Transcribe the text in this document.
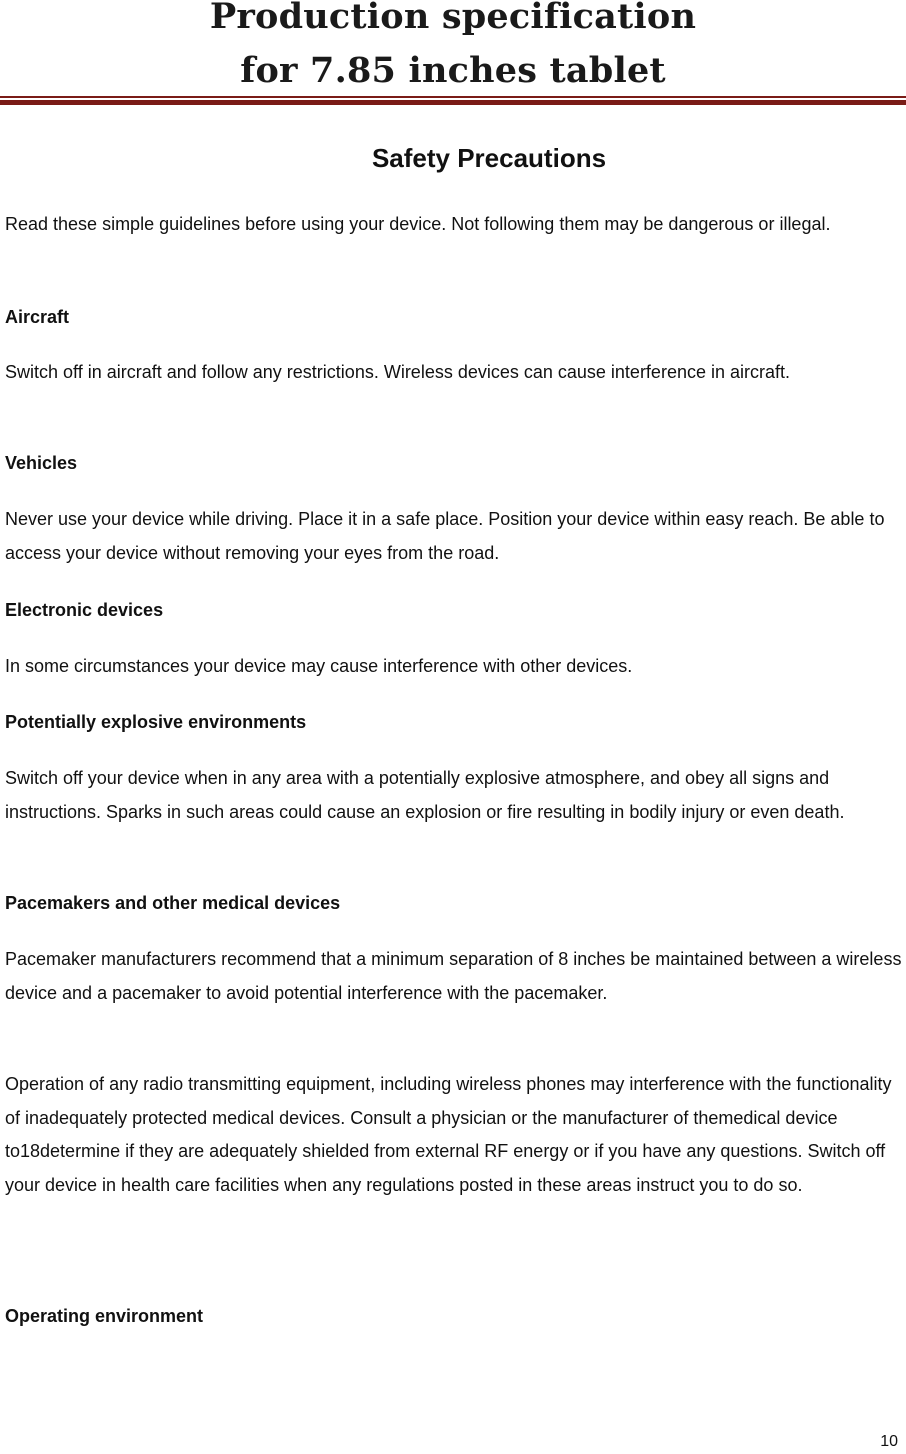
Production specification
for 7.85 inches tablet
Safety Precautions

Read these simple guidelines before using your device. Not following them may be dangerous or illegal.

Aircraft

Switch off in aircraft and follow any restrictions. Wireless devices can cause interference in aircraft.

Vehicles

Never use your device while driving. Place it in a safe place. Position your device within easy reach. Be able to access your device without removing your eyes from the road.

Electronic devices

In some circumstances your device may cause interference with other devices.

Potentially explosive environments

Switch off your device when in any area with a potentially explosive atmosphere, and obey all signs and instructions. Sparks in such areas could cause an explosion or fire resulting in bodily injury or even death.

Pacemakers and other medical devices

Pacemaker manufacturers recommend that a minimum separation of 8 inches be maintained between a wireless device and a pacemaker to avoid potential interference with the pacemaker.

Operation of any radio transmitting equipment, including wireless phones may interference with the functionality of inadequately protected medical devices. Consult a physician or the manufacturer of themedical device to18determine if they are adequately shielded from external RF energy or if you have any questions. Switch off your device in health care facilities when any regulations posted in these areas instruct you to do so.

Operating environment

10
